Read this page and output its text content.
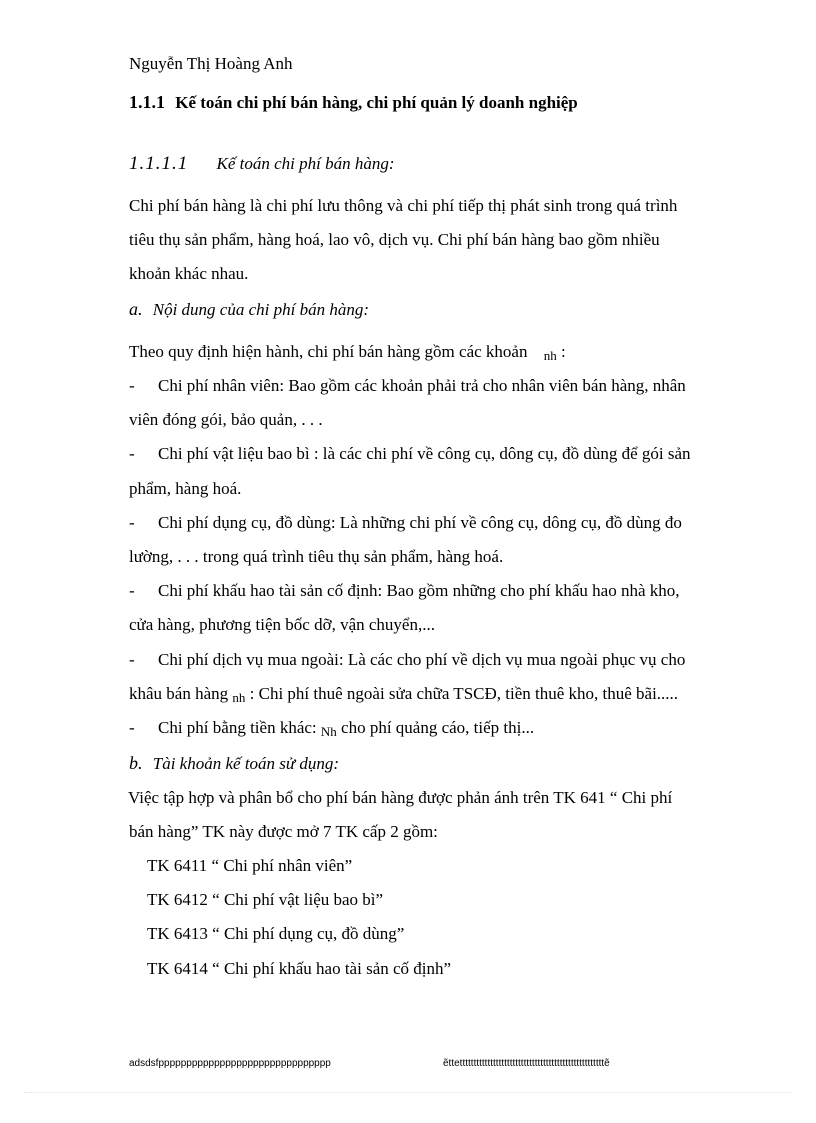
Nguyễn Thị Hoàng Anh
1.1.1 Kế toán chi phí bán hàng, chi phí quản lý doanh nghiệp
1.1.1.1 Kế toán chi phí bán hàng:
Chi phí bán hàng là chi phí lưu thông và chi phí tiếp thị phát sinh trong quá trình
tiêu thụ sản phẩm, hàng hoá, lao vô, dịch vụ. Chi phí bán hàng bao gồm nhiều
khoản khác nhau.
a. Nội dung của chi phí bán hàng:
Theo quy định hiện hành, chi phí bán hàng gồm các khoản nh :
- Chi phí nhân viên: Bao gồm các khoản phải trả cho nhân viên bán hàng, nhân
viên đóng gói, bảo quản, . . .
- Chi phí vật liệu bao bì : là các chi phí về công cụ, dông cụ, đồ dùng để gói sản
phẩm, hàng hoá.
- Chi phí dụng cụ, đồ dùng: Là những chi phí về công cụ, dông cụ, đồ dùng đo
lường, . . . trong quá trình tiêu thụ sản phẩm, hàng hoá.
- Chi phí khấu hao tài sản cố định: Bao gồm những cho phí khấu hao nhà kho,
cửa hàng, phương tiện bốc dỡ, vận chuyển,...
- Chi phí dịch vụ mua ngoài: Là các cho phí về dịch vụ mua ngoài phục vụ cho
khâu bán hàng nh : Chi phí thuê ngoài sửa chữa TSCĐ, tiền thuê kho, thuê bãi.....
- Chi phí bằng tiền khác: Nh cho phí quảng cáo, tiếp thị...
b. Tài khoản kế toán sử dụng:
Việc tập hợp và phân bổ cho phí bán hàng được phản ánh trên TK 641 “ Chi phí
bán hàng” TK này được mở 7 TK cấp 2 gồm:
TK 6411 “ Chi phí nhân viên”
TK 6412 “ Chi phí vật liệu bao bì”
TK 6413 “ Chi phí dụng cụ, đồ dùng”
TK 6414 “ Chi phí khấu hao tài sản cố định”
adsdsfppppppppppppppppppppppppppppppp	ẽttettttttttttttttttttttttttttttttttttttttttttttttttttttẽ
